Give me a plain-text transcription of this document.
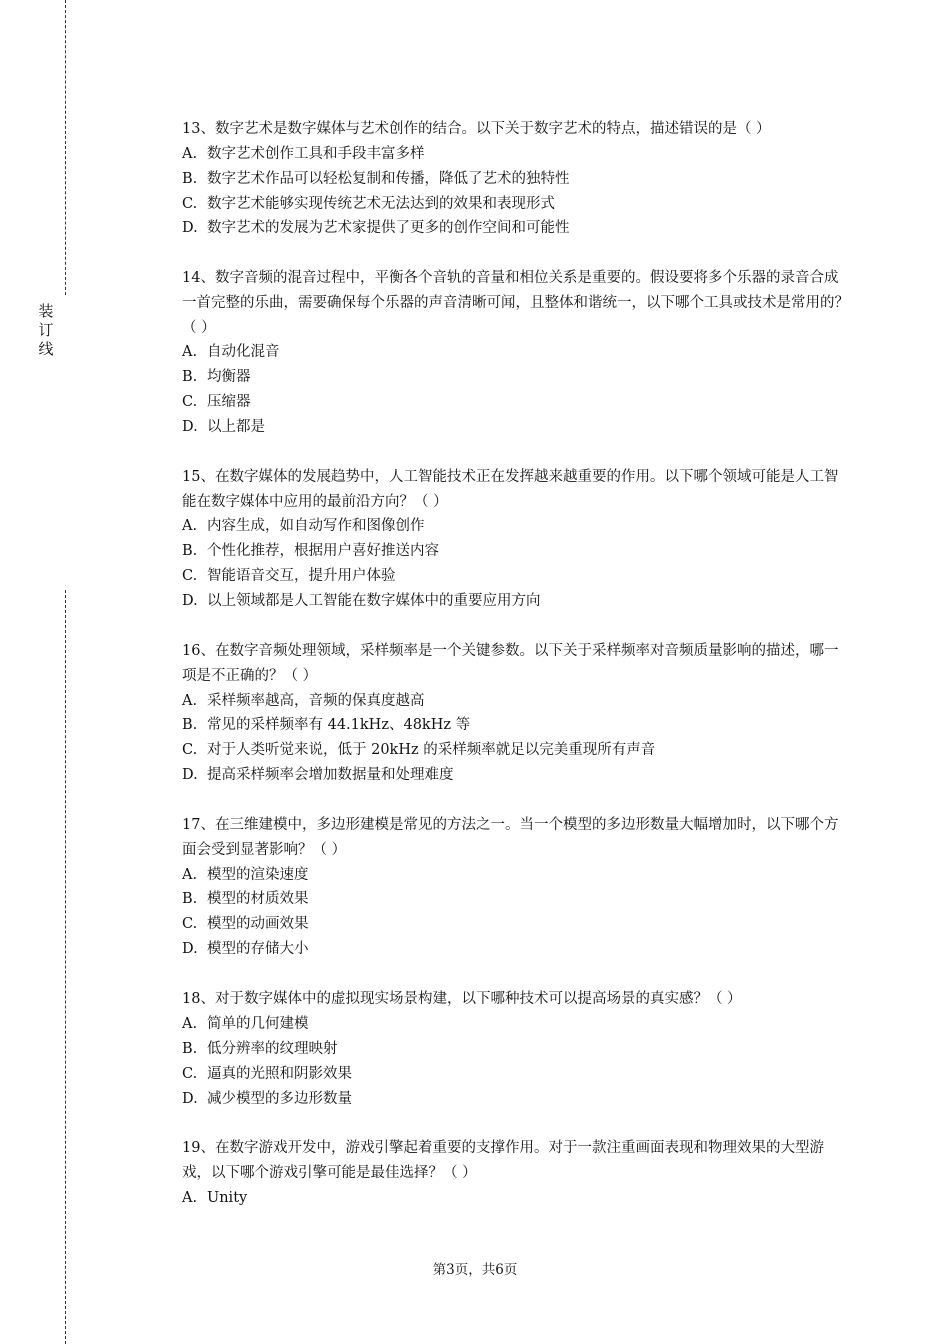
装
订
线
13、数字艺术是数字媒体与艺术创作的结合。以下关于数字艺术的特点，描述错误的是（ ）
A. 数字艺术创作工具和手段丰富多样
B. 数字艺术作品可以轻松复制和传播，降低了艺术的独特性
C. 数字艺术能够实现传统艺术无法达到的效果和表现形式
D. 数字艺术的发展为艺术家提供了更多的创作空间和可能性
14、数字音频的混音过程中，平衡各个音轨的音量和相位关系是重要的。假设要将多个乐器的录音合成一首完整的乐曲，需要确保每个乐器的声音清晰可闻，且整体和谐统一，以下哪个工具或技术是常用的？（ ）
A. 自动化混音
B. 均衡器
C. 压缩器
D. 以上都是
15、在数字媒体的发展趋势中，人工智能技术正在发挥越来越重要的作用。以下哪个领域可能是人工智能在数字媒体中应用的最前沿方向？（ ）
A. 内容生成，如自动写作和图像创作
B. 个性化推荐，根据用户喜好推送内容
C. 智能语音交互，提升用户体验
D. 以上领域都是人工智能在数字媒体中的重要应用方向
16、在数字音频处理领域，采样频率是一个关键参数。以下关于采样频率对音频质量影响的描述，哪一项是不正确的？（ ）
A. 采样频率越高，音频的保真度越高
B. 常见的采样频率有 44.1kHz、48kHz 等
C. 对于人类听觉来说，低于 20kHz 的采样频率就足以完美重现所有声音
D. 提高采样频率会增加数据量和处理难度
17、在三维建模中，多边形建模是常见的方法之一。当一个模型的多边形数量大幅增加时，以下哪个方面会受到显著影响？（ ）
A. 模型的渲染速度
B. 模型的材质效果
C. 模型的动画效果
D. 模型的存储大小
18、对于数字媒体中的虚拟现实场景构建，以下哪种技术可以提高场景的真实感？（ ）
A. 简单的几何建模
B. 低分辨率的纹理映射
C. 逼真的光照和阴影效果
D. 减少模型的多边形数量
19、在数字游戏开发中，游戏引擎起着重要的支撑作用。对于一款注重画面表现和物理效果的大型游戏，以下哪个游戏引擎可能是最佳选择？（ ）
A. Unity
第3页，共6页
